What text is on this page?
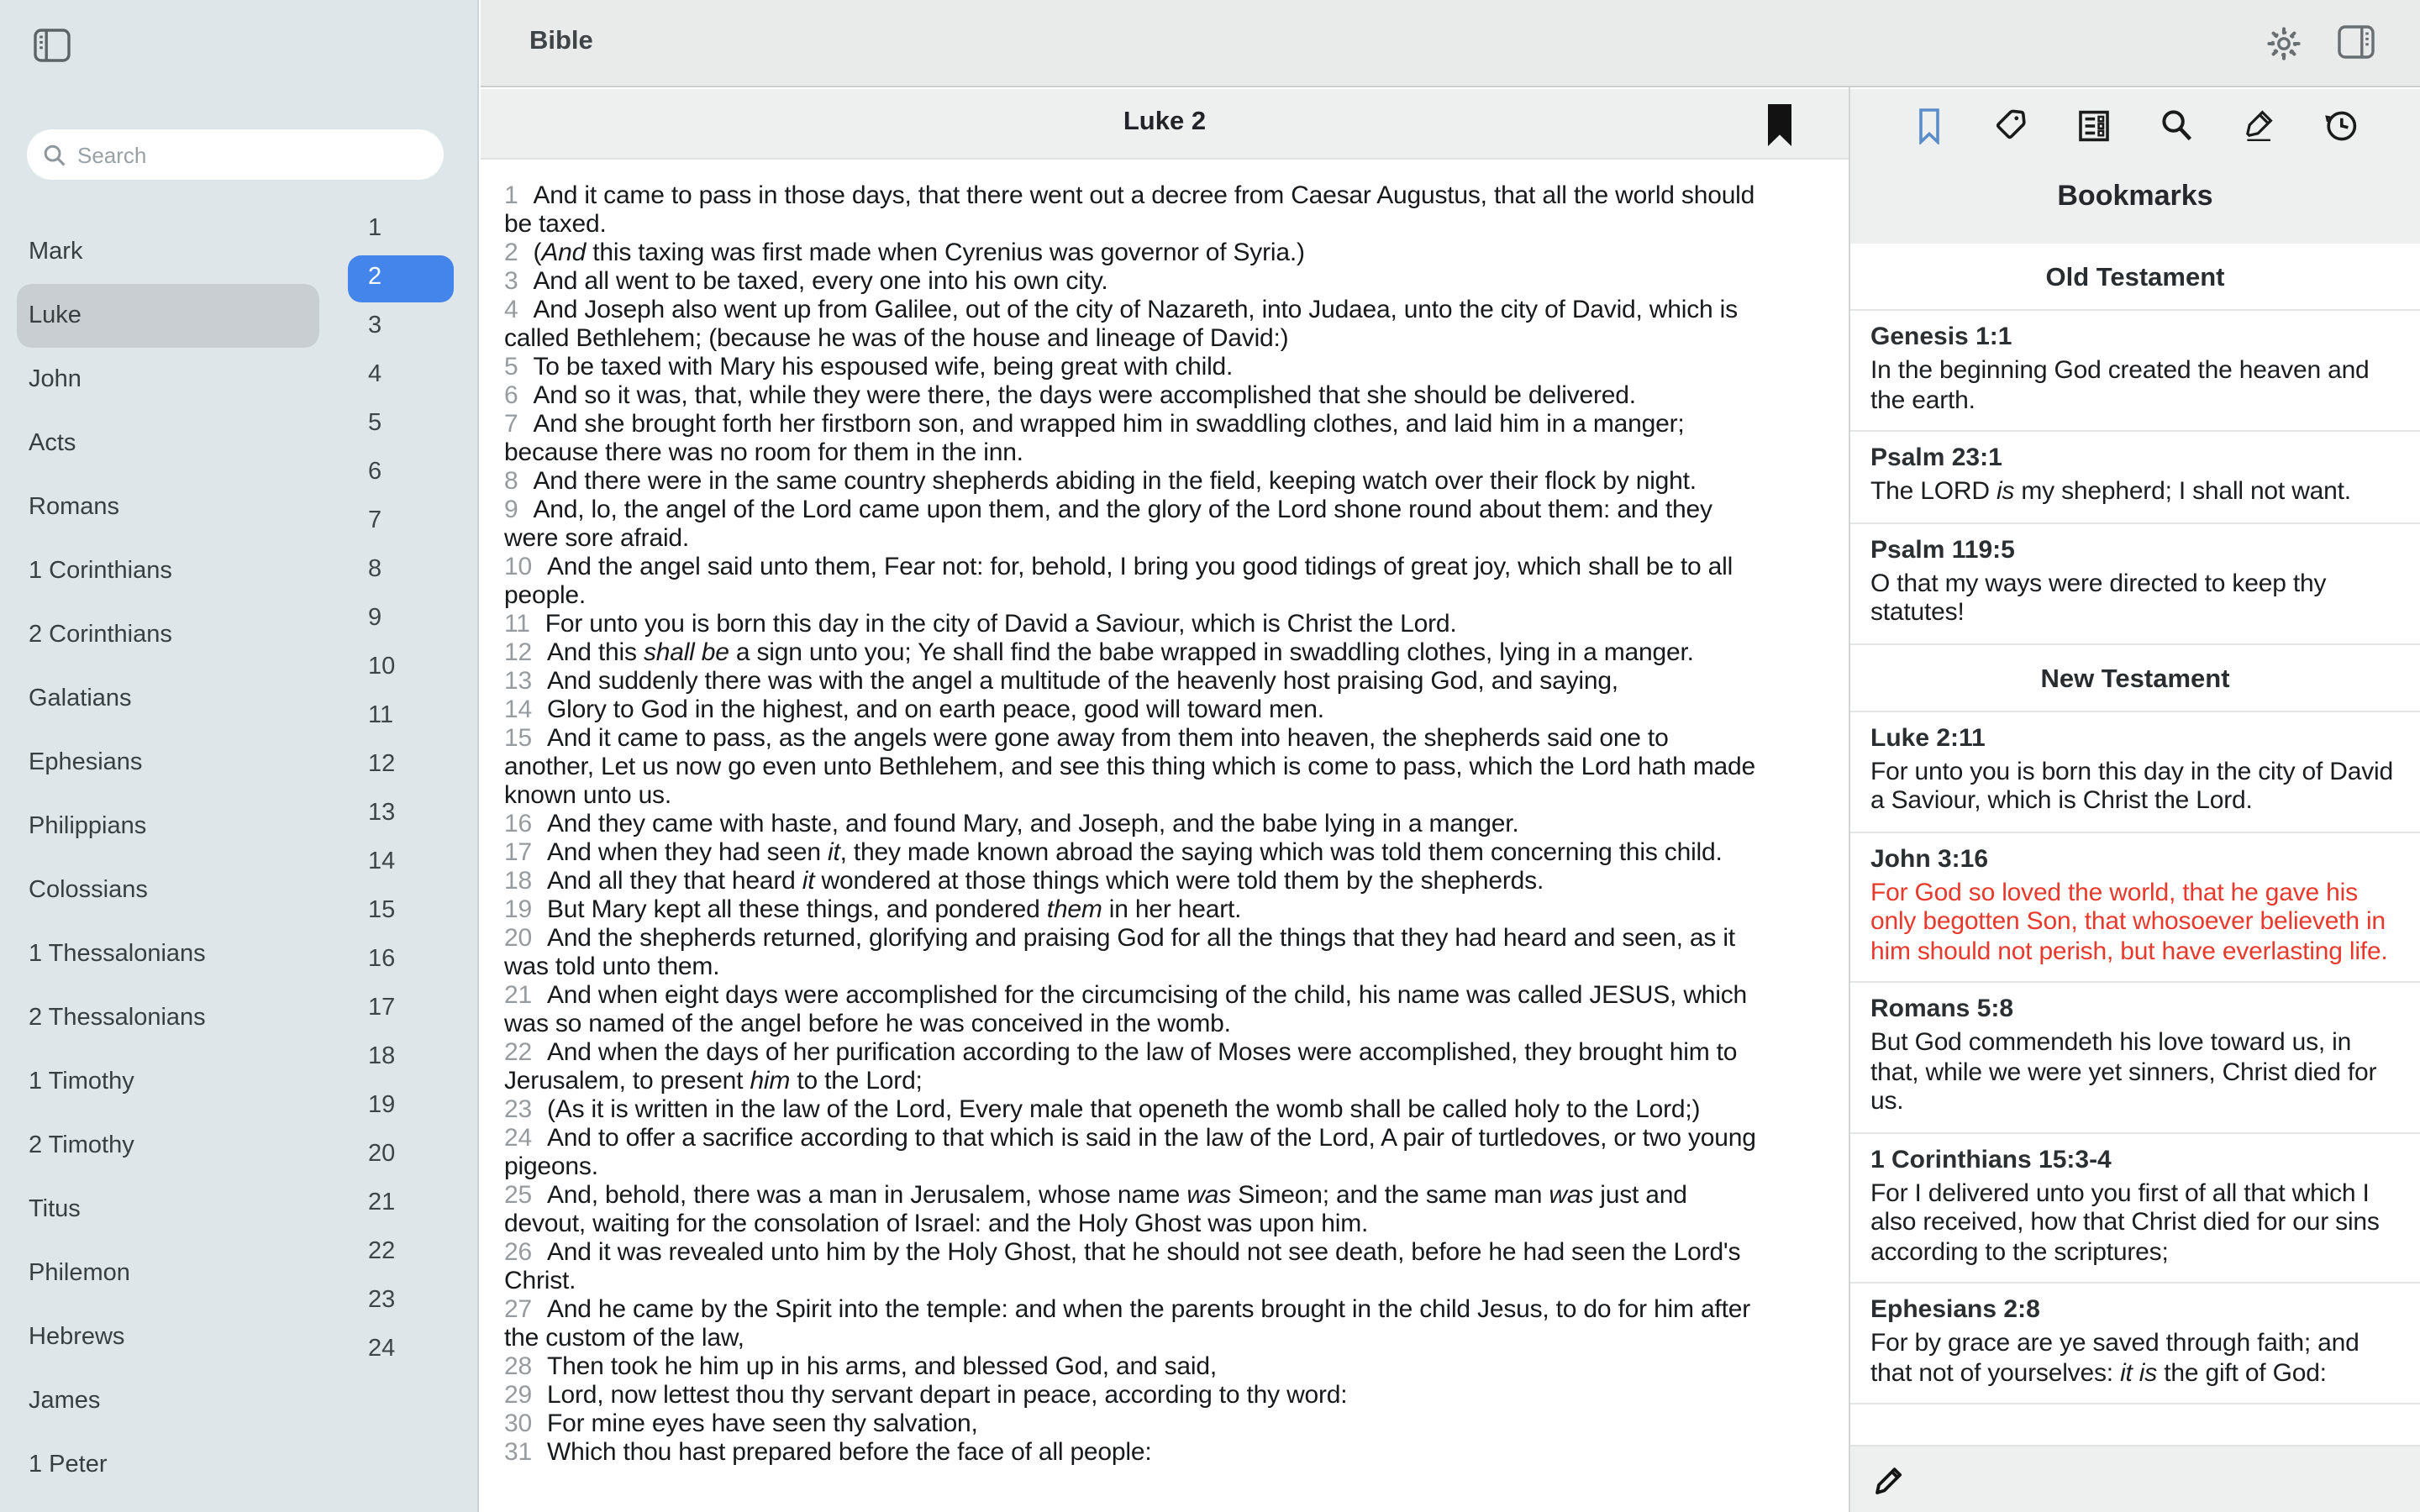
Search
Mark
Luke
John
Acts
Romans
1 Corinthians
2 Corinthians
Galatians
Ephesians
Philippians
Colossians
1 Thessalonians
2 Thessalonians
1 Timothy
2 Timothy
Titus
Philemon
Hebrews
James
1 Peter
1
2
3
4
5
6
7
8
9
10
11
12
13
14
15
16
17
18
19
20
21
22
23
24
Bible
Luke 2
1 And it came to pass in those days, that there went out a decree from Caesar Augustus, that all the world should be taxed.
2 (And this taxing was first made when Cyrenius was governor of Syria.)
3 And all went to be taxed, every one into his own city.
4 And Joseph also went up from Galilee, out of the city of Nazareth, into Judaea, unto the city of David, which is called Bethlehem; (because he was of the house and lineage of David:)
5 To be taxed with Mary his espoused wife, being great with child.
6 And so it was, that, while they were there, the days were accomplished that she should be delivered.
7 And she brought forth her firstborn son, and wrapped him in swaddling clothes, and laid him in a manger; because there was no room for them in the inn.
8 And there were in the same country shepherds abiding in the field, keeping watch over their flock by night.
9 And, lo, the angel of the Lord came upon them, and the glory of the Lord shone round about them: and they were sore afraid.
10 And the angel said unto them, Fear not: for, behold, I bring you good tidings of great joy, which shall be to all people.
11 For unto you is born this day in the city of David a Saviour, which is Christ the Lord.
12 And this shall be a sign unto you; Ye shall find the babe wrapped in swaddling clothes, lying in a manger.
13 And suddenly there was with the angel a multitude of the heavenly host praising God, and saying,
14 Glory to God in the highest, and on earth peace, good will toward men.
15 And it came to pass, as the angels were gone away from them into heaven, the shepherds said one to another, Let us now go even unto Bethlehem, and see this thing which is come to pass, which the Lord hath made known unto us.
16 And they came with haste, and found Mary, and Joseph, and the babe lying in a manger.
17 And when they had seen it, they made known abroad the saying which was told them concerning this child.
18 And all they that heard it wondered at those things which were told them by the shepherds.
19 But Mary kept all these things, and pondered them in her heart.
20 And the shepherds returned, glorifying and praising God for all the things that they had heard and seen, as it was told unto them.
21 And when eight days were accomplished for the circumcising of the child, his name was called JESUS, which was so named of the angel before he was conceived in the womb.
22 And when the days of her purification according to the law of Moses were accomplished, they brought him to Jerusalem, to present him to the Lord;
23 (As it is written in the law of the Lord, Every male that openeth the womb shall be called holy to the Lord;)
24 And to offer a sacrifice according to that which is said in the law of the Lord, A pair of turtledoves, or two young pigeons.
25 And, behold, there was a man in Jerusalem, whose name was Simeon; and the same man was just and devout, waiting for the consolation of Israel: and the Holy Ghost was upon him.
26 And it was revealed unto him by the Holy Ghost, that he should not see death, before he had seen the Lord's Christ.
27 And he came by the Spirit into the temple: and when the parents brought in the child Jesus, to do for him after the custom of the law,
28 Then took he him up in his arms, and blessed God, and said,
29 Lord, now lettest thou thy servant depart in peace, according to thy word:
30 For mine eyes have seen thy salvation,
31 Which thou hast prepared before the face of all people:
Bookmarks
Old Testament
Genesis 1:1
In the beginning God created the heaven and the earth.
Psalm 23:1
The LORD is my shepherd; I shall not want.
Psalm 119:5
O that my ways were directed to keep thy statutes!
New Testament
Luke 2:11
For unto you is born this day in the city of David a Saviour, which is Christ the Lord.
John 3:16
For God so loved the world, that he gave his only begotten Son, that whosoever believeth in him should not perish, but have everlasting life.
Romans 5:8
But God commendeth his love toward us, in that, while we were yet sinners, Christ died for us.
1 Corinthians 15:3-4
For I delivered unto you first of all that which I also received, how that Christ died for our sins according to the scriptures;
Ephesians 2:8
For by grace are ye saved through faith; and that not of yourselves: it is the gift of God:
